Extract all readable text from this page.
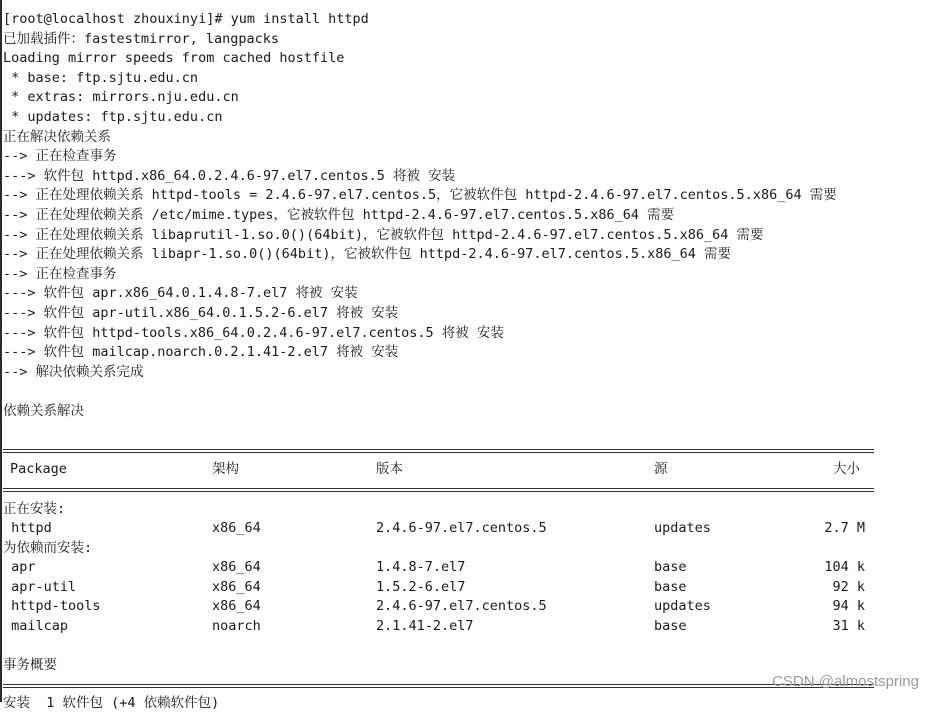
[root@localhost zhouxinyi]# yum install httpd
已加载插件：fastestmirror, langpacks
Loading mirror speeds from cached hostfile
* base: ftp.sjtu.edu.cn
* extras: mirrors.nju.edu.cn
* updates: ftp.sjtu.edu.cn
正在解决依赖关系
--> 正在检查事务
---> 软件包 httpd.x86_64.0.2.4.6-97.el7.centos.5 将被 安装
--> 正在处理依赖关系 httpd-tools = 2.4.6-97.el7.centos.5，它被软件包 httpd-2.4.6-97.el7.centos.5.x86_64 需要
--> 正在处理依赖关系 /etc/mime.types，它被软件包 httpd-2.4.6-97.el7.centos.5.x86_64 需要
--> 正在处理依赖关系 libaprutil-1.so.0()(64bit)，它被软件包 httpd-2.4.6-97.el7.centos.5.x86_64 需要
--> 正在处理依赖关系 libapr-1.so.0()(64bit)，它被软件包 httpd-2.4.6-97.el7.centos.5.x86_64 需要
--> 正在检查事务
---> 软件包 apr.x86_64.0.1.4.8-7.el7 将被 安装
---> 软件包 apr-util.x86_64.0.1.5.2-6.el7 将被 安装
---> 软件包 httpd-tools.x86_64.0.2.4.6-97.el7.centos.5 将被 安装
---> 软件包 mailcap.noarch.0.2.1.41-2.el7 将被 安装
--> 解决依赖关系完成
依赖关系解决
Package	架构	版本	源	大小
正在安装:
httpd	x86_64	2.4.6-97.el7.centos.5	updates	2.7 M
为依赖而安装:
apr	x86_64	1.4.8-7.el7	base	104 k
apr-util	x86_64	1.5.2-6.el7	base	92 k
httpd-tools	x86_64	2.4.6-97.el7.centos.5	updates	94 k
mailcap	noarch	2.1.41-2.el7	base	31 k
事务概要
安装  1 软件包 (+4 依赖软件包)
CSDN @almostspring
